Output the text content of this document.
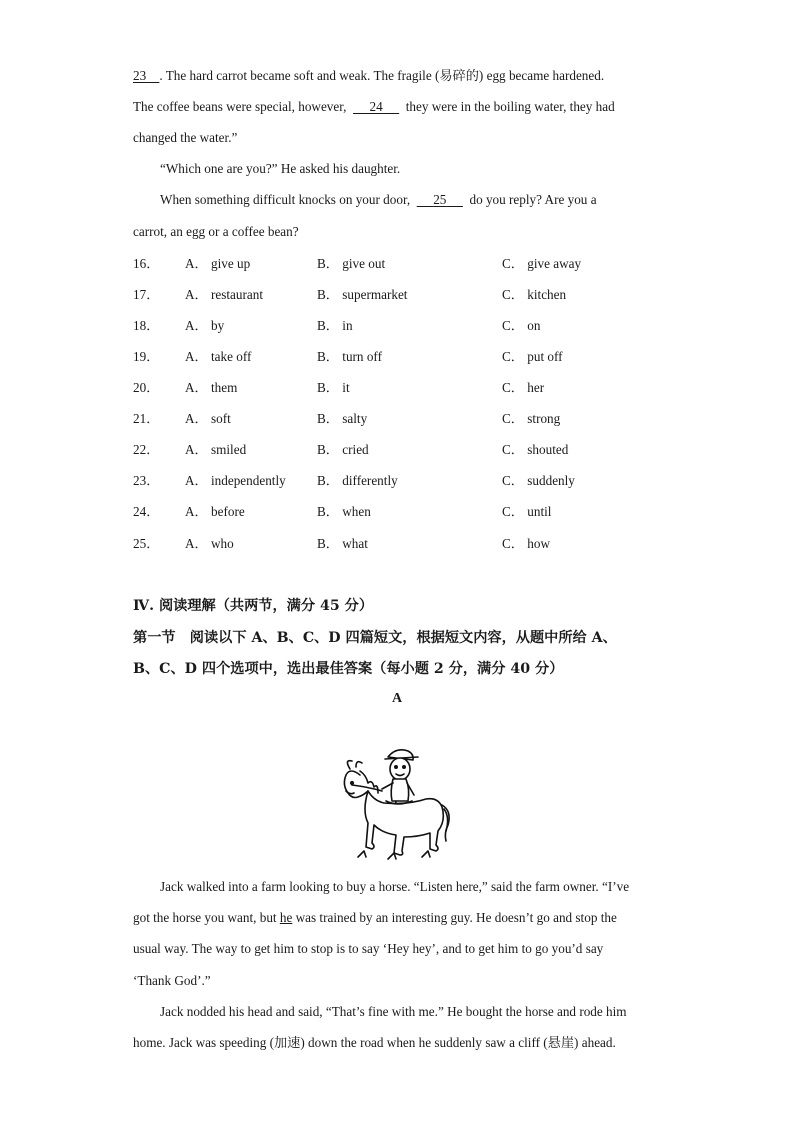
23 . The hard carrot became soft and weak. The fragile (易碎的) egg became hardened.
The coffee beans were special, however, 24 they were in the boiling water, they had
changed the water.”
“Which one are you?” He asked his daughter.
When something difficult knocks on your door, 25 do you reply? Are you a
carrot, an egg or a coffee bean?
16． A． give up	B． give out	C． give away
17． A． restaurant	B． supermarket	C． kitchen
18． A． by	B． in	C． on
19． A． take off	B． turn off	C． put off
20． A． them	B． it	C． her
21． A． soft	B． salty	C． strong
22． A． smiled	B． cried	C． shouted
23． A． independently B． differently	C． suddenly
24． A． before	B． when	C． until
25． A． who	B． what	C． how
Ⅳ. 阅读理解（共两节，满分 45 分）
第一节　阅读以下 A、B、C、D 四篇短文，根据短文内容，从题中所给 A、
B、C、D 四个选项中，选出最佳答案（每小题 2 分，满分 40 分）
A
Jack walked into a farm looking to buy a horse. “Listen here,” said the farm owner. “I’ve
got the horse you want, but he was trained by an interesting guy. He doesn’t go and stop the
usual way. The way to get him to stop is to say ‘Hey hey’, and to get him to go you’d say
‘Thank God’.”
Jack nodded his head and said, “That’s fine with me.” He bought the horse and rode him
home. Jack was speeding (加速) down the road when he suddenly saw a cliff (悬崖) ahead.
